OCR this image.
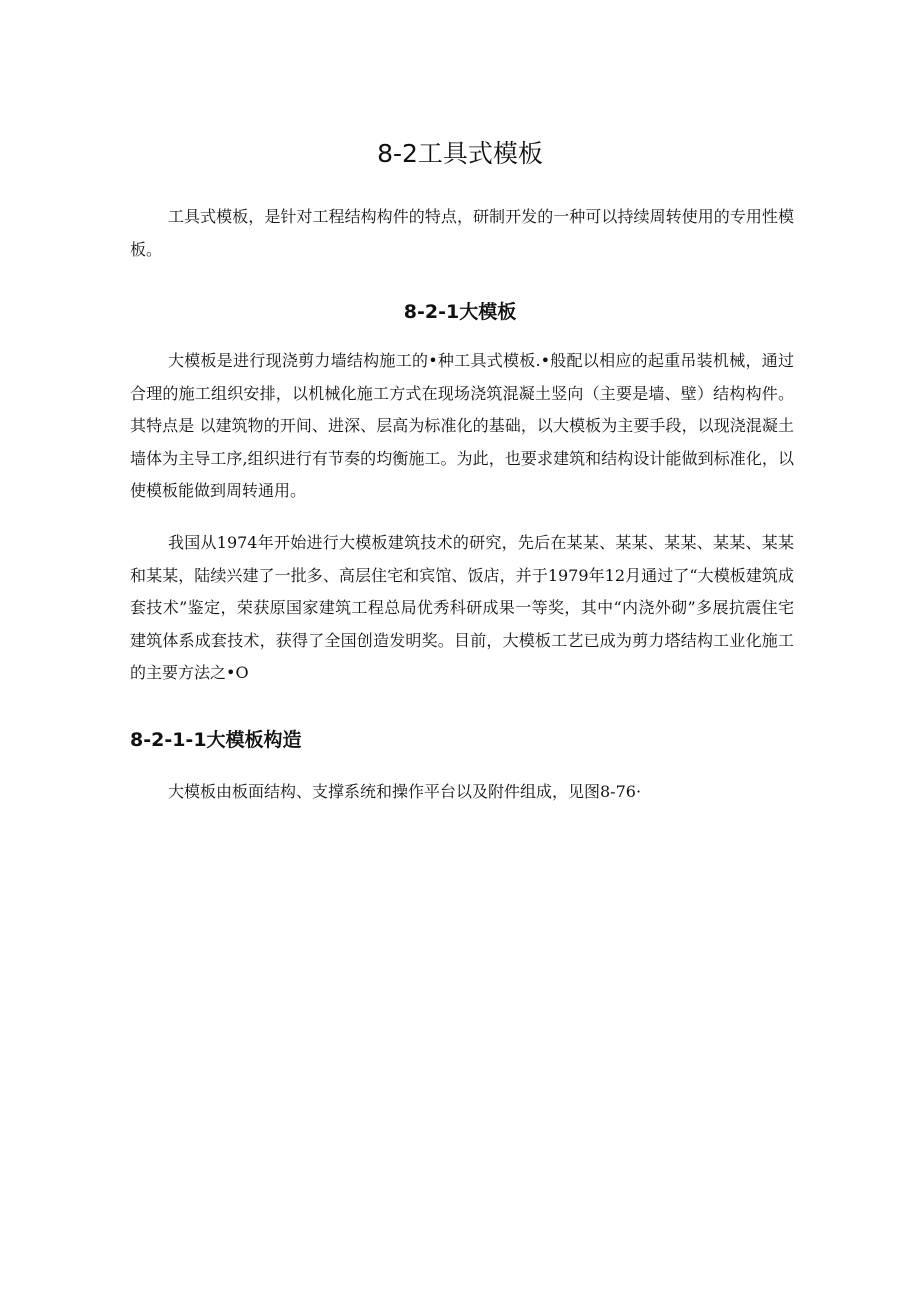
8-2工具式模板

工具式模板，是针对工程结构构件的特点，研制开发的一种可以持续周转使用的专用性模板。

8-2-1大模板

大模板是进行现浇剪力墙结构施工的•种工具式模板.•般配以相应的起重吊装机械，通过合理的施工组织安排，以机械化施工方式在现场浇筑混凝土竖向（主要是墙、壁）结构构件。其特点是 以建筑物的开间、进深、层高为标准化的基础，以大模板为主要手段，以现浇混凝土墙体为主导工序,组织进行有节奏的均衡施工。为此，也要求建筑和结构设计能做到标准化，以使模板能做到周转通用。

我国从1974年开始进行大模板建筑技术的研究，先后在某某、某某、某某、某某、某某和某某，陆续兴建了一批多、高层住宅和宾馆、饭店，并于1979年12月通过了“大模板建筑成套技术”鉴定，荣获原国家建筑工程总局优秀科研成果一等奖，其中“内浇外砌”多展抗震住宅建筑体系成套技术，获得了全国创造发明奖。目前，大模板工艺已成为剪力塔结构工业化施工的主要方法之•O

8-2-1-1大模板构造

大模板由板面结构、支撑系统和操作平台以及附件组成，见图8-76·
